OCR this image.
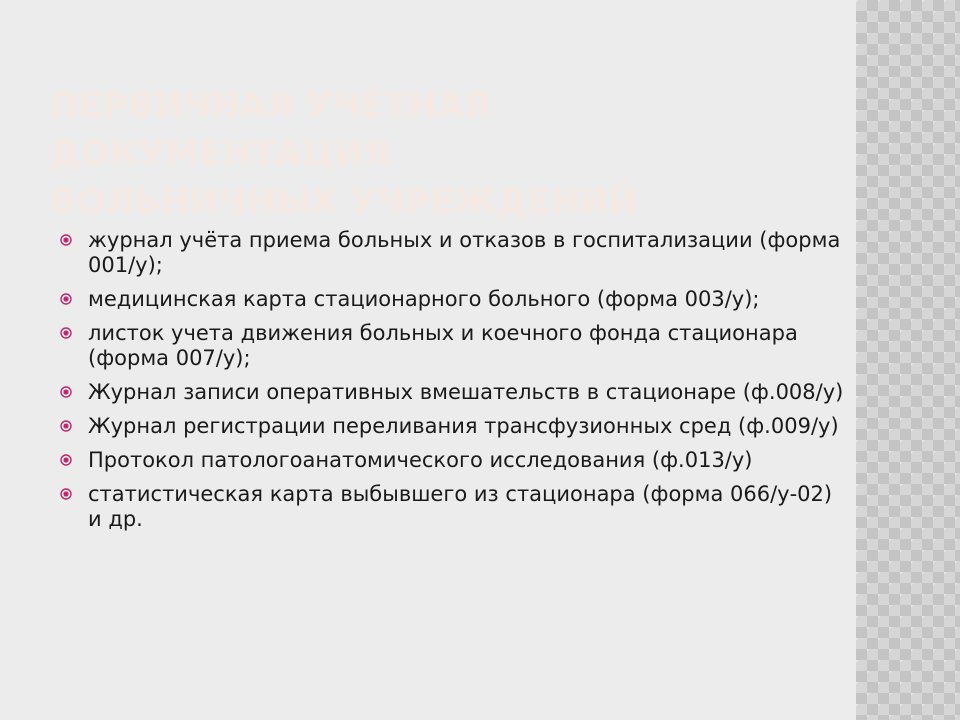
ПЕРВИЧНАЯ УЧЁТНАЯ ДОКУМЕНТАЦИЯ
БОЛЬНИЧНЫХ УЧРЕЖДЕНИЙ
журнал учёта приема больных и отказов в госпитализации (форма 001/у);
медицинская карта стационарного больного (форма 003/у);
листок учета движения больных и коечного фонда стационара (форма 007/у);
Журнал записи оперативных вмешательств в стационаре (ф.008/у)
Журнал регистрации переливания трансфузионных сред (ф.009/у)
Протокол патологоанатомического исследования (ф.013/у)
статистическая карта выбывшего из стационара (форма 066/у-02) и др.
